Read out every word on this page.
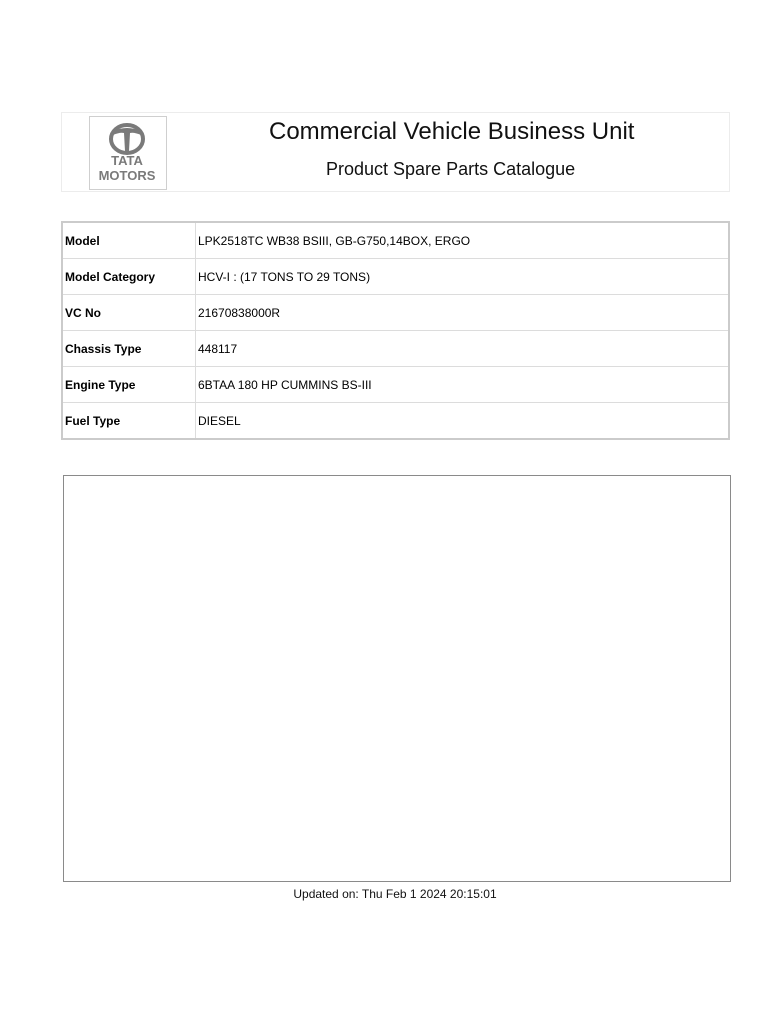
TATA
MOTORS
Commercial Vehicle Business Unit
Product Spare Parts Catalogue
Model	LPK2518TC WB38 BSIII, GB-G750,14BOX, ERGO
Model Category	HCV-I : (17 TONS TO 29 TONS)
VC No	21670838000R
Chassis Type	448117
Engine Type	6BTAA 180 HP CUMMINS BS-III
Fuel Type	DIESEL
Updated on: Thu Feb 1 2024 20:15:01
